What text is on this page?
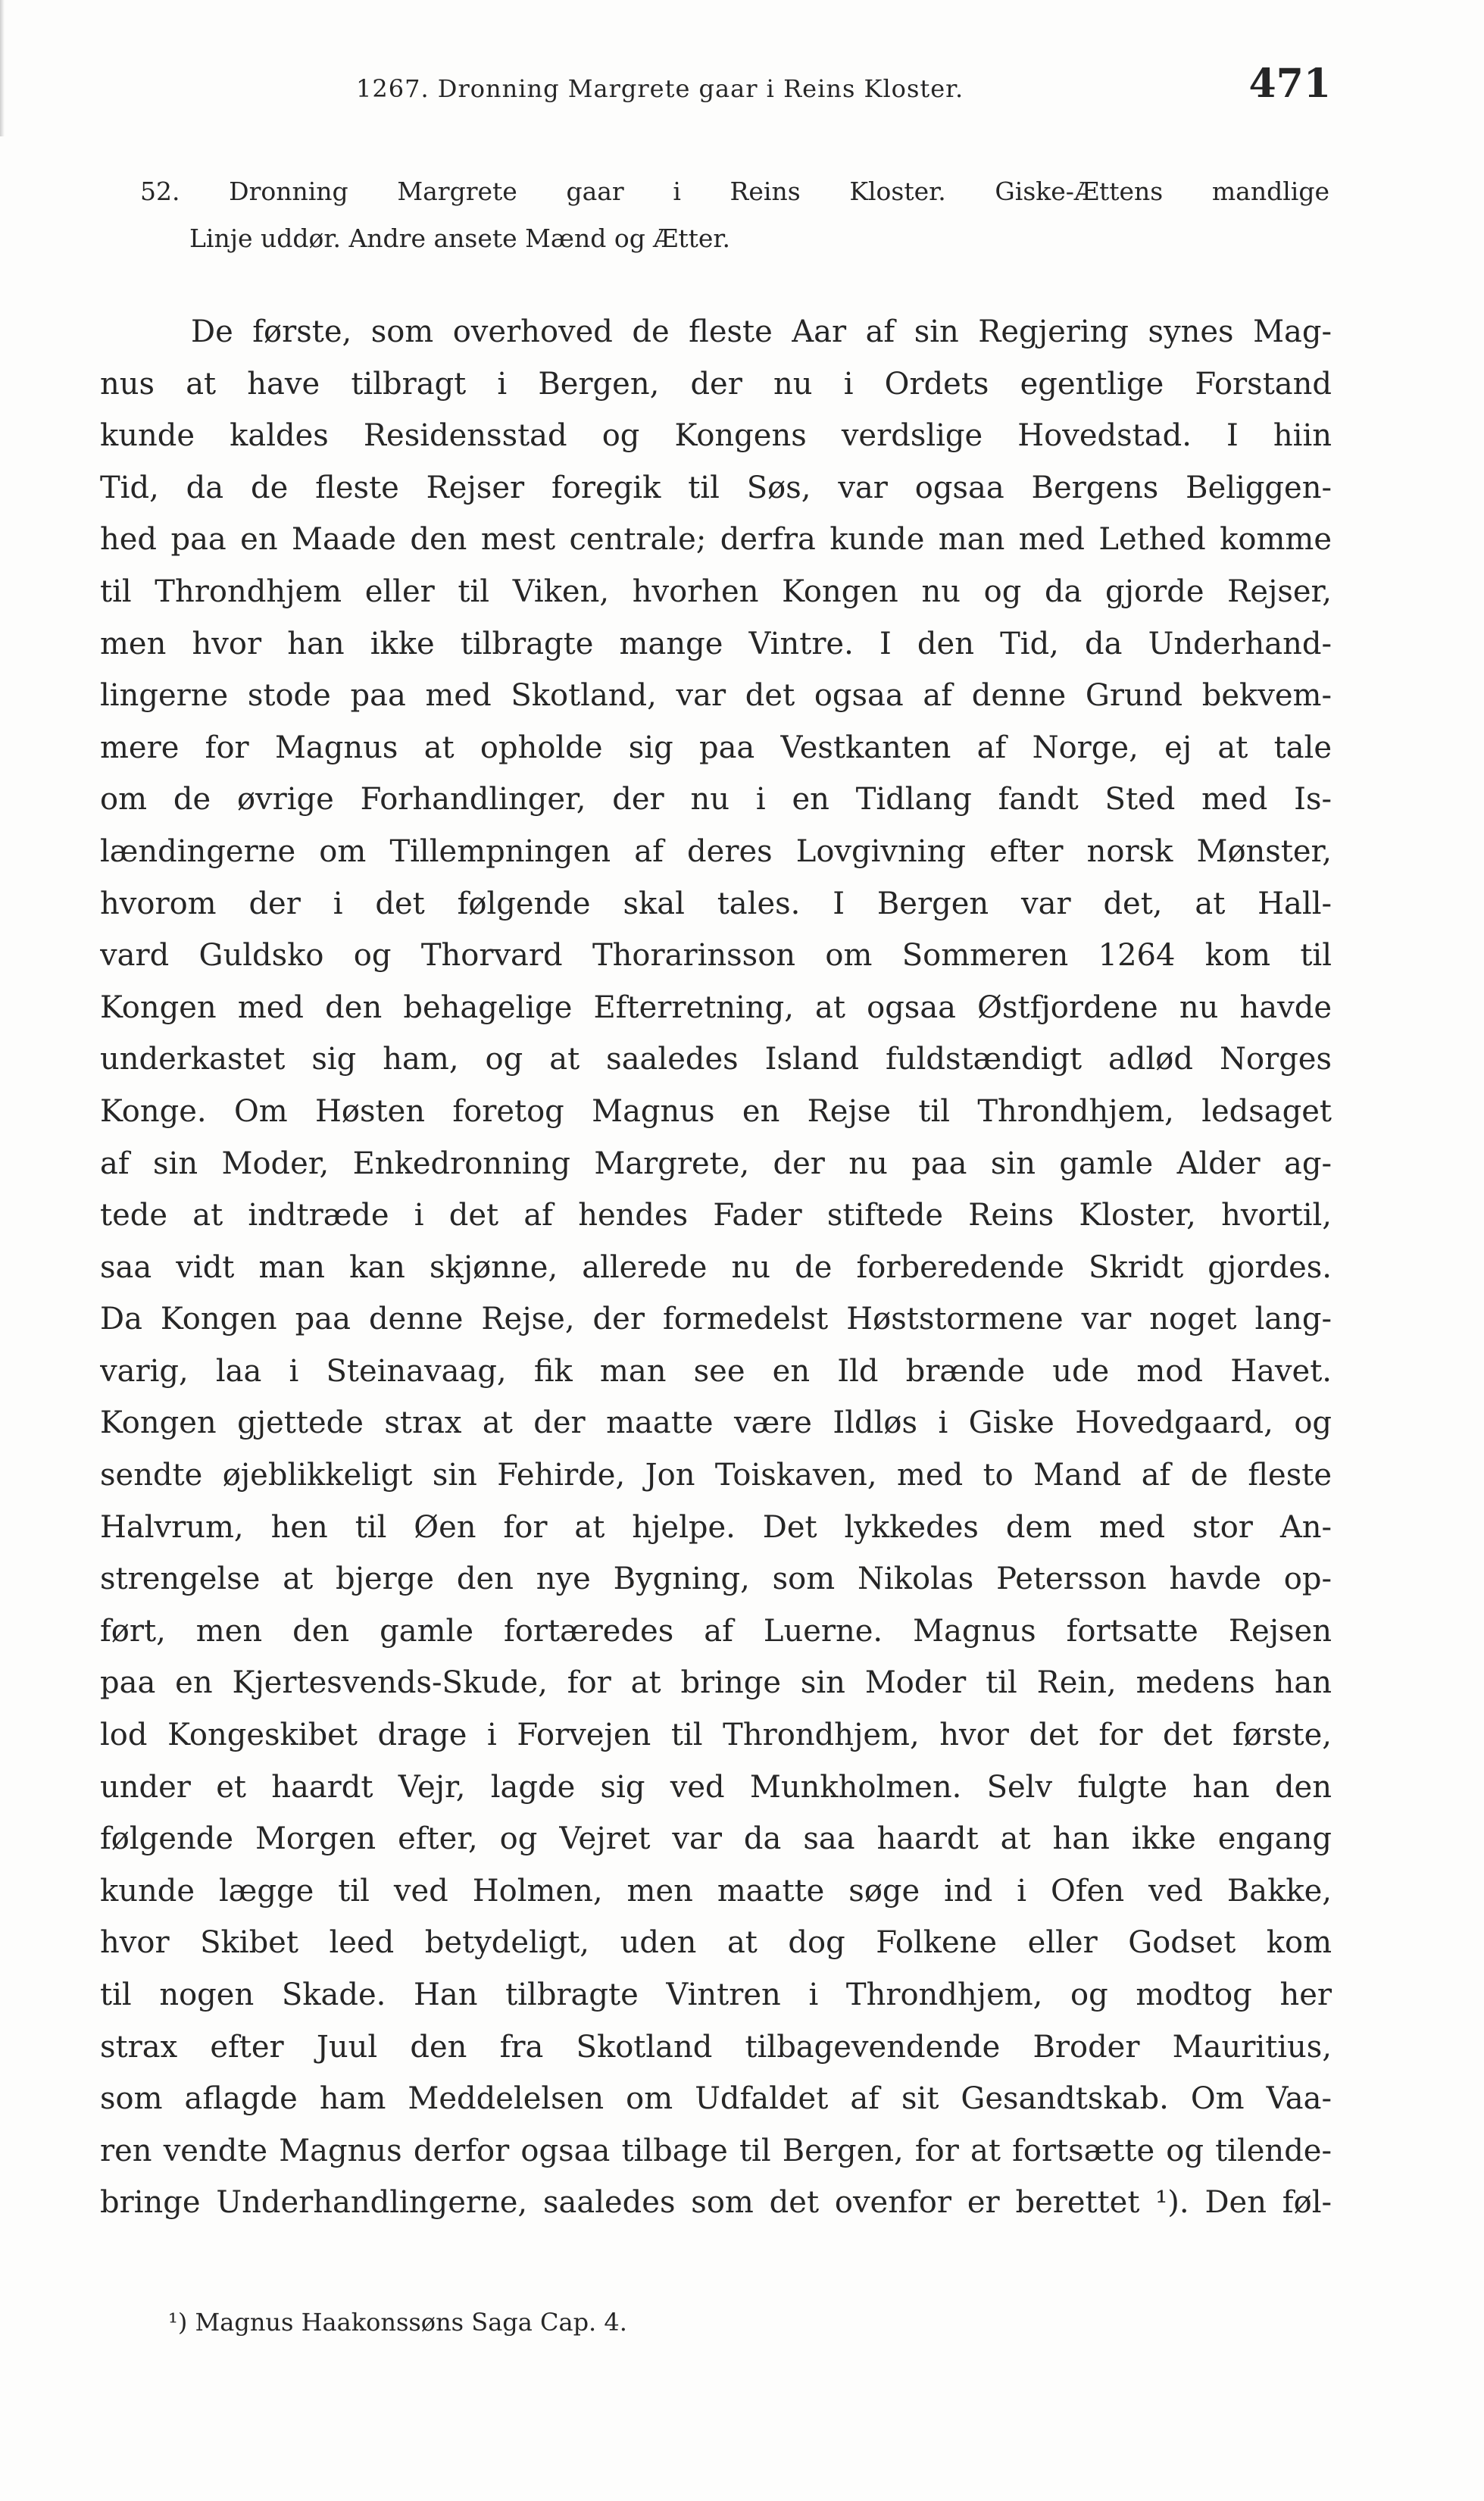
1267. Dronning Margrete gaar i Reins Kloster.	471
52. Dronning Margrete gaar i Reins Kloster. Giske-Ættens mandlige
Linje uddør. Andre ansete Mænd og Ætter.
De første, som overhoved de fleste Aar af sin Regjering synes Mag-
nus at have tilbragt i Bergen, der nu i Ordets egentlige Forstand
kunde kaldes Residensstad og Kongens verdslige Hovedstad. I hiin
Tid, da de fleste Rejser foregik til Søs, var ogsaa Bergens Beliggen-
hed paa en Maade den mest centrale; derfra kunde man med Lethed komme
til Throndhjem eller til Viken, hvorhen Kongen nu og da gjorde Rejser,
men hvor han ikke tilbragte mange Vintre. I den Tid, da Underhand-
lingerne stode paa med Skotland, var det ogsaa af denne Grund bekvem-
mere for Magnus at opholde sig paa Vestkanten af Norge, ej at tale
om de øvrige Forhandlinger, der nu i en Tidlang fandt Sted med Is-
lændingerne om Tillempningen af deres Lovgivning efter norsk Mønster,
hvorom der i det følgende skal tales. I Bergen var det, at Hall-
vard Guldsko og Thorvard Thorarinsson om Sommeren 1264 kom til
Kongen med den behagelige Efterretning, at ogsaa Østfjordene nu havde
underkastet sig ham, og at saaledes Island fuldstændigt adlød Norges
Konge. Om Høsten foretog Magnus en Rejse til Throndhjem, ledsaget
af sin Moder, Enkedronning Margrete, der nu paa sin gamle Alder ag-
tede at indtræde i det af hendes Fader stiftede Reins Kloster, hvortil,
saa vidt man kan skjønne, allerede nu de forberedende Skridt gjordes.
Da Kongen paa denne Rejse, der formedelst Høststormene var noget lang-
varig, laa i Steinavaag, fik man see en Ild brænde ude mod Havet.
Kongen gjettede strax at der maatte være Ildløs i Giske Hovedgaard, og
sendte øjeblikkeligt sin Fehirde, Jon Toiskaven, med to Mand af de fleste
Halvrum, hen til Øen for at hjelpe. Det lykkedes dem med stor An-
strengelse at bjerge den nye Bygning, som Nikolas Petersson havde op-
ført, men den gamle fortæredes af Luerne. Magnus fortsatte Rejsen
paa en Kjertesvends-Skude, for at bringe sin Moder til Rein, medens han
lod Kongeskibet drage i Forvejen til Throndhjem, hvor det for det første,
under et haardt Vejr, lagde sig ved Munkholmen. Selv fulgte han den
følgende Morgen efter, og Vejret var da saa haardt at han ikke engang
kunde lægge til ved Holmen, men maatte søge ind i Ofen ved Bakke,
hvor Skibet leed betydeligt, uden at dog Folkene eller Godset kom
til nogen Skade. Han tilbragte Vintren i Throndhjem, og modtog her
strax efter Juul den fra Skotland tilbagevendende Broder Mauritius,
som aflagde ham Meddelelsen om Udfaldet af sit Gesandtskab. Om Vaa-
ren vendte Magnus derfor ogsaa tilbage til Bergen, for at fortsætte og tilende-
bringe Underhandlingerne, saaledes som det ovenfor er berettet ¹). Den føl-
¹) Magnus Haakonssøns Saga Cap. 4.
